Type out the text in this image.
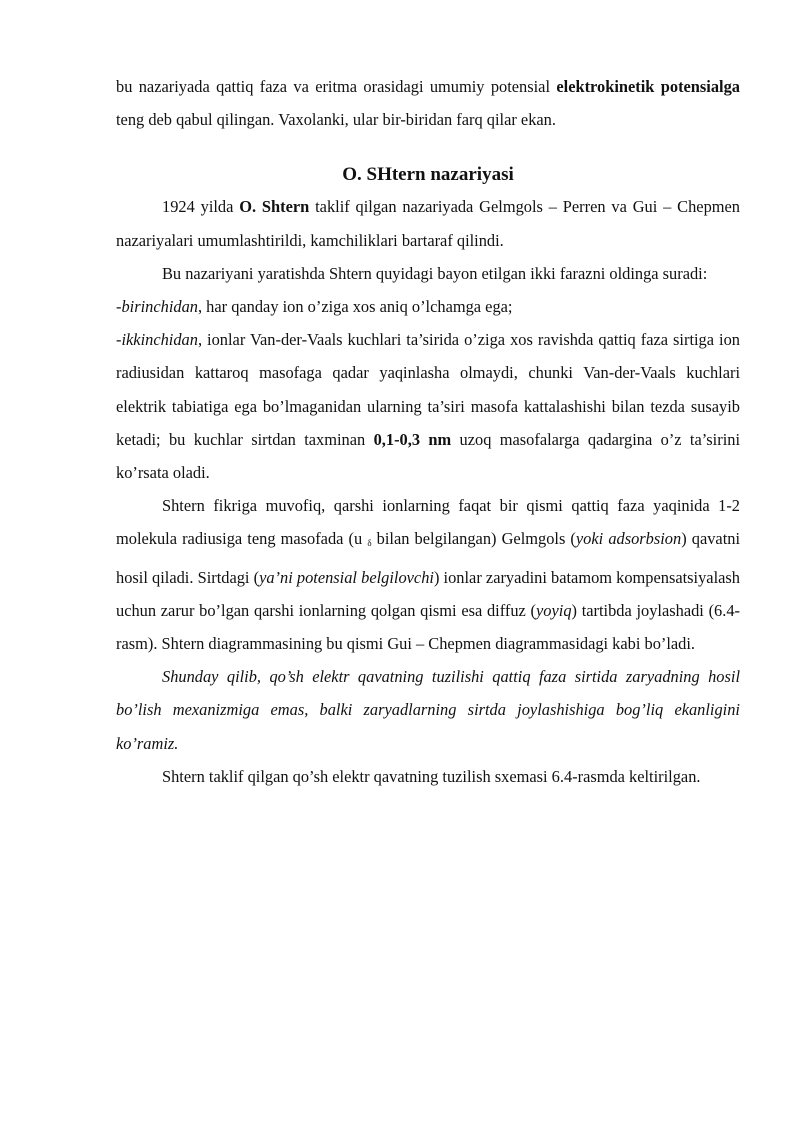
bu nazariyada qattiq faza va eritma orasidagi umumiy potensial elektrokinetik potensialga teng deb qabul qilingan. Vaxolanki, ular bir-biridan farq qilar ekan.

O. SHtern nazariyasi

1924 yilda O. Shtern taklif qilgan nazariyada Gelmgols – Perren va Gui – Chepmen nazariyalari umumlashtirildi, kamchiliklari bartaraf qilindi.

Bu nazariyani yaratishda Shtern quyidagi bayon etilgan ikki farazni oldinga suradi:

-birinchidan, har qanday ion o’ziga xos aniq o’lchamga ega;

-ikkinchidan, ionlar Van-der-Vaals kuchlari ta’sirida o’ziga xos ravishda qattiq faza sirtiga ion radiusidan kattaroq masofaga qadar yaqinlasha olmaydi, chunki Van-der-Vaals kuchlari elektrik tabiatiga ega bo’lmaganidan ularning ta’siri masofa kattalashishi bilan tezda susayib ketadi; bu kuchlar sirtdan taxminan 0,1-0,3 nm uzoq masofalarga qadargina o’z ta’sirini ko’rsata oladi.

Shtern fikriga muvofiq, qarshi ionlarning faqat bir qismi qattiq faza yaqinida 1-2 molekula radiusiga teng masofada (u $_\delta$ bilan belgilangan) Gelmgols (yoki adsorbsion) qavatni hosil qiladi. Sirtdagi (ya’ni potensial belgilovchi) ionlar zaryadini batamom kompensatsiyalash uchun zarur bo’lgan qarshi ionlarning qolgan qismi esa diffuz (yoyiq) tartibda joylashadi (6.4-rasm). Shtern diagrammasining bu qismi Gui – Chepmen diagrammasidagi kabi bo’ladi.

Shunday qilib, qo’sh elektr qavatning tuzilishi qattiq faza sirtida zaryadning hosil bo’lish mexanizmiga emas, balki zaryadlarning sirtda joylashishiga bog’liq ekanligini ko’ramiz.

Shtern taklif qilgan qo’sh elektr qavatning tuzilish sxemasi 6.4-rasmda keltirilgan.
